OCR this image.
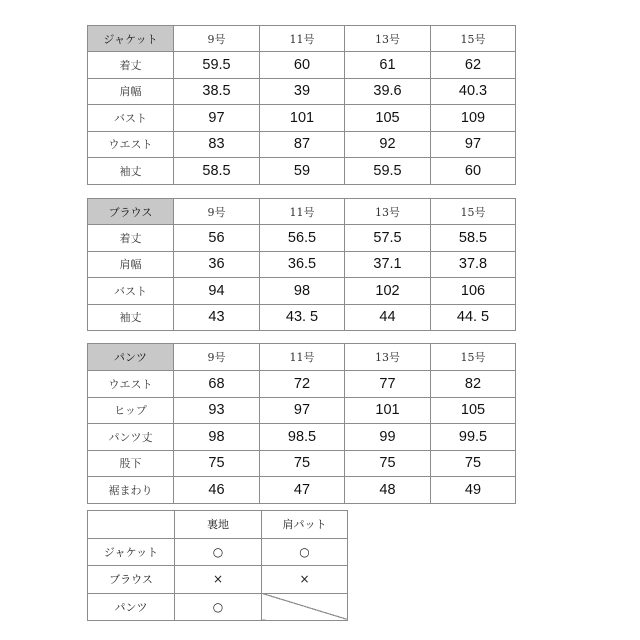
ジャケット	9号	11号	13号	15号
着丈	59.5	60	61	62
肩幅	38.5	39	39.6	40.3
バスト	97	101	105	109
ウエスト	83	87	92	97
袖丈	58.5	59	59.5	60
ブラウス	9号	11号	13号	15号
着丈	56	56.5	57.5	58.5
肩幅	36	36.5	37.1	37.8
バスト	94	98	102	106
袖丈	43	43. 5	44	44. 5
パンツ	9号	11号	13号	15号
ウエスト	68	72	77	82
ヒップ	93	97	101	105
パンツ丈	98	98.5	99	99.5
股下	75	75	75	75
裾まわり	46	47	48	49
	裏地	肩パット
ジャケット	○	○
ブラウス	×	×
パンツ	○	
